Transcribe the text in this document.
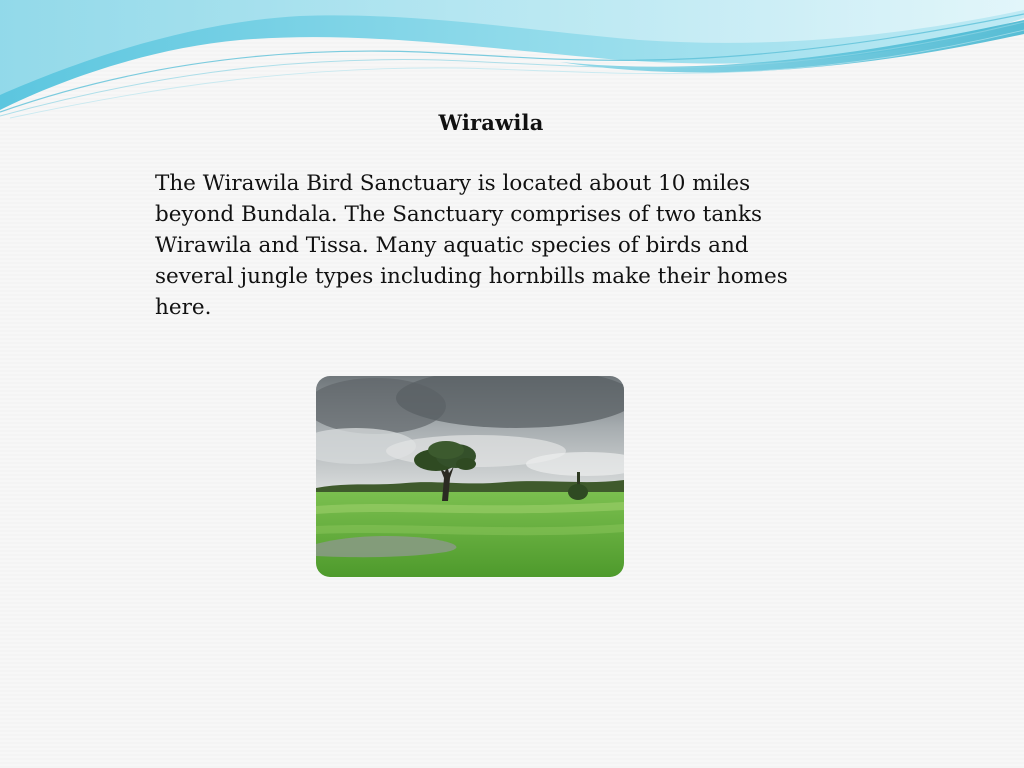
Wirawila

The Wirawila Bird Sanctuary is located about 10 miles beyond Bundala. The Sanctuary comprises of two tanks Wirawila and Tissa. Many aquatic species of birds and several jungle types including hornbills make their homes here.
